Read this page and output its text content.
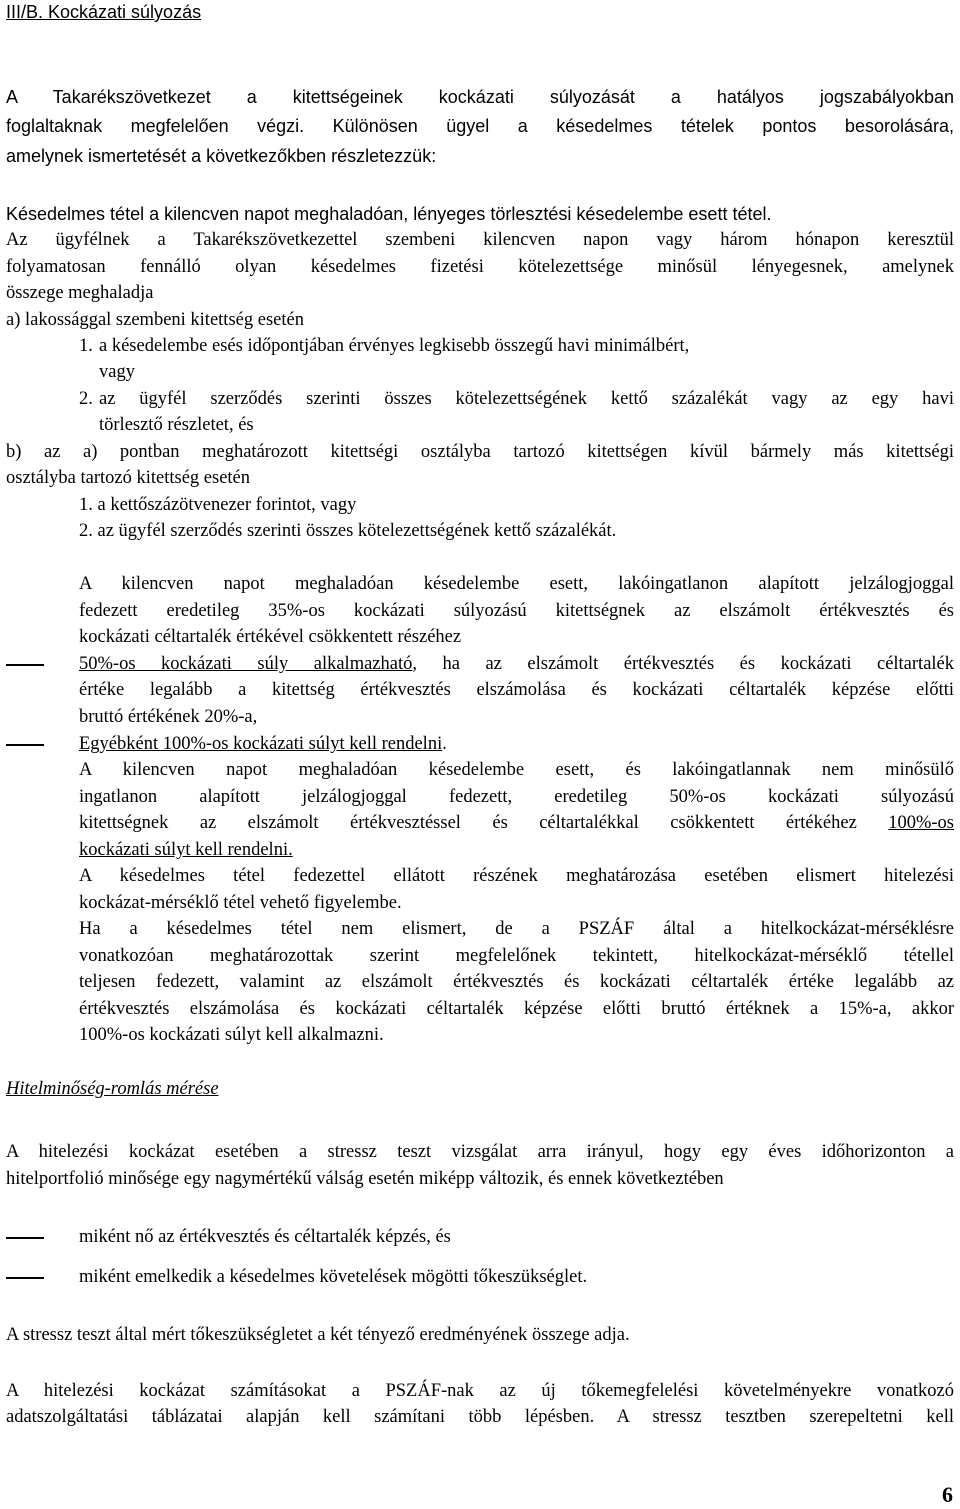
III/B. Kockázati súlyozás

A Takarékszövetkezet a kitettségeinek kockázati súlyozását a hatályos jogszabályokban

foglaltaknak megfelelően végzi. Különösen ügyel a késedelmes tételek pontos besorolására,

amelynek ismertetését a következőkben részletezzük:

Késedelmes tétel a kilencven napot meghaladóan, lényeges törlesztési késedelembe esett tétel.

Az ügyfélnek a Takarékszövetkezettel szembeni kilencven napon vagy három hónapon keresztül

folyamatosan fennálló olyan késedelmes fizetési kötelezettsége minősül lényegesnek, amelynek

összege meghaladja

a) lakossággal szembeni kitettség esetén

1. a késedelembe esés időpontjában érvényes legkisebb összegű havi minimálbért,

vagy

2. az ügyfél szerződés szerinti összes kötelezettségének kettő százalékát vagy az egy havi

törlesztő részletet, és

b) az a) pontban meghatározott kitettségi osztályba tartozó kitettségen kívül bármely más kitettségi

osztályba tartozó kitettség esetén

1. a kettőszázötvenezer forintot, vagy

2. az ügyfél szerződés szerinti összes kötelezettségének kettő százalékát.

A kilencven napot meghaladóan késedelembe esett, lakóingatlanon alapított jelzálogjoggal

fedezett eredetileg 35%-os kockázati súlyozású kitettségnek az elszámolt értékvesztés és

kockázati céltartalék értékével csökkentett részéhez

50%-os kockázati súly alkalmazható, ha az elszámolt értékvesztés és kockázati céltartalék

értéke legalább a kitettség értékvesztés elszámolása és kockázati céltartalék képzése előtti

bruttó értékének 20%-a,

Egyébként 100%-os kockázati súlyt kell rendelni.

A kilencven napot meghaladóan késedelembe esett, és lakóingatlannak nem minősülő

ingatlanon alapított jelzálogjoggal fedezett, eredetileg 50%-os kockázati súlyozású

kitettségnek az elszámolt értékvesztéssel és céltartalékkal csökkentett értékéhez 100%-os

kockázati súlyt kell rendelni.

A késedelmes tétel fedezettel ellátott részének meghatározása esetében elismert hitelezési

kockázat-mérséklő tétel vehető figyelembe.

Ha a késedelmes tétel nem elismert, de a PSZÁF által a hitelkockázat-mérséklésre

vonatkozóan meghatározottak szerint megfelelőnek tekintett, hitelkockázat-mérséklő tétellel

teljesen fedezett, valamint az elszámolt értékvesztés és kockázati céltartalék értéke legalább az

értékvesztés elszámolása és kockázati céltartalék képzése előtti bruttó értéknek a 15%-a, akkor

100%-os kockázati súlyt kell alkalmazni.

Hitelminőség-romlás mérése

A hitelezési kockázat esetében a stressz teszt vizsgálat arra irányul, hogy egy éves időhorizonton a

hitelportfolió minősége egy nagymértékű válság esetén miképp változik, és ennek következtében

miként nő az értékvesztés és céltartalék képzés, és

miként emelkedik a késedelmes követelések mögötti tőkeszükséglet.

A stressz teszt által mért tőkeszükségletet a két tényező eredményének összege adja.

A hitelezési kockázat számításokat a PSZÁF-nak az új tőkemegfelelési követelményekre vonatkozó

adatszolgáltatási táblázatai alapján kell számítani több lépésben. A stressz tesztben szerepeltetni kell

6
